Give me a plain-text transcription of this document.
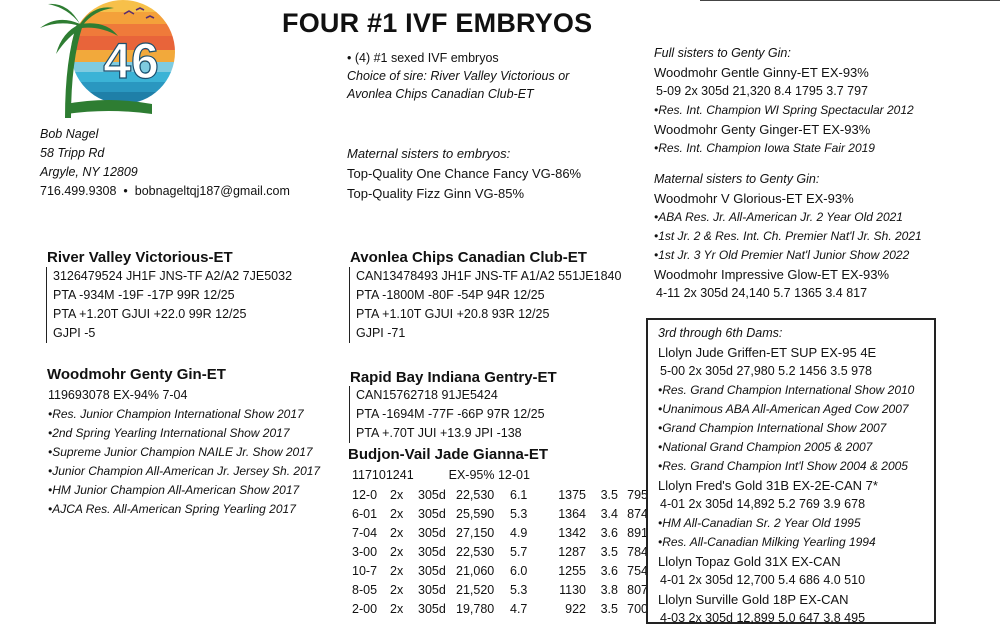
46
FOUR #1 IVF EMBRYOS
Bob Nagel
58 Tripp Rd
Argyle, NY 12809
716.499.9308 • bobnageltqj187@gmail.com
• (4) #1 sexed IVF embryos
Choice of sire: River Valley Victorious or
Avonlea Chips Canadian Club-ET
Maternal sisters to embryos:
Top-Quality One Chance Fancy VG-86%
Top-Quality Fizz Ginn VG-85%
River Valley Victorious-ET
3126479524 JH1F JNS-TF A2/A2 7JE5032
PTA -934M -19F -17P 99R 12/25
PTA +1.20T GJUI +22.0 99R 12/25
GJPI -5
Avonlea Chips Canadian Club-ET
CAN13478493 JH1F JNS-TF A1/A2 551JE1840
PTA -1800M -80F -54P 94R 12/25
PTA +1.10T GJUI +20.8 93R 12/25
GJPI -71
Woodmohr Genty Gin-ET
119693078 EX-94% 7-04
•Res. Junior Champion International Show 2017
•2nd Spring Yearling International Show 2017
•Supreme Junior Champion NAILE Jr. Show 2017
•Junior Champion All-American Jr. Jersey Sh. 2017
•HM Junior Champion All-American Show 2017
•AJCA Res. All-American Spring Yearling 2017
Rapid Bay Indiana Gentry-ET
CAN15762718 91JE5424
PTA -1694M -77F -66P 97R 12/25
PTA +.70T JUI +13.9 JPI -138
Budjon-Vail Jade Gianna-ET
117101241	EX-95% 12-01
12-0	2x	305d	22,530	6.1	1375	3.5	795
6-01	2x	305d	25,590	5.3	1364	3.4	874
7-04	2x	305d	27,150	4.9	1342	3.6	891
3-00	2x	305d	22,530	5.7	1287	3.5	784
10-7	2x	305d	21,060	6.0	1255	3.6	754
8-05	2x	305d	21,520	5.3	1130	3.8	807
2-00	2x	305d	19,780	4.7	922	3.5	700
Full sisters to Genty Gin:
Woodmohr Gentle Ginny-ET EX-93%
5-09 2x 305d 21,320 8.4 1795 3.7 797
•Res. Int. Champion WI Spring Spectacular 2012
Woodmohr Genty Ginger-ET EX-93%
•Res. Int. Champion Iowa State Fair 2019
Maternal sisters to Genty Gin:
Woodmohr V Glorious-ET EX-93%
•ABA Res. Jr. All-American Jr. 2 Year Old 2021
•1st Jr. 2 & Res. Int. Ch. Premier Nat'l Jr. Sh. 2021
•1st Jr. 3 Yr Old Premier Nat'l Junior Show 2022
Woodmohr Impressive Glow-ET EX-93%
4-11 2x 305d 24,140 5.7 1365 3.4 817
3rd through 6th Dams:
Llolyn Jude Griffen-ET SUP EX-95 4E
5-00 2x 305d 27,980 5.2 1456 3.5 978
•Res. Grand Champion International Show 2010
•Unanimous ABA All-American Aged Cow 2007
•Grand Champion International Show 2007
•National Grand Champion 2005 & 2007
•Res. Grand Champion Int'l Show 2004 & 2005
Llolyn Fred's Gold 31B EX-2E-CAN 7*
4-01 2x 305d 14,892 5.2 769 3.9 678
•HM All-Canadian Sr. 2 Year Old 1995
•Res. All-Canadian Milking Yearling 1994
Llolyn Topaz Gold 31X EX-CAN
4-01 2x 305d 12,700 5.4 686 4.0 510
Llolyn Surville Gold 18P EX-CAN
4-03 2x 305d 12,899 5.0 647 3.8 495
